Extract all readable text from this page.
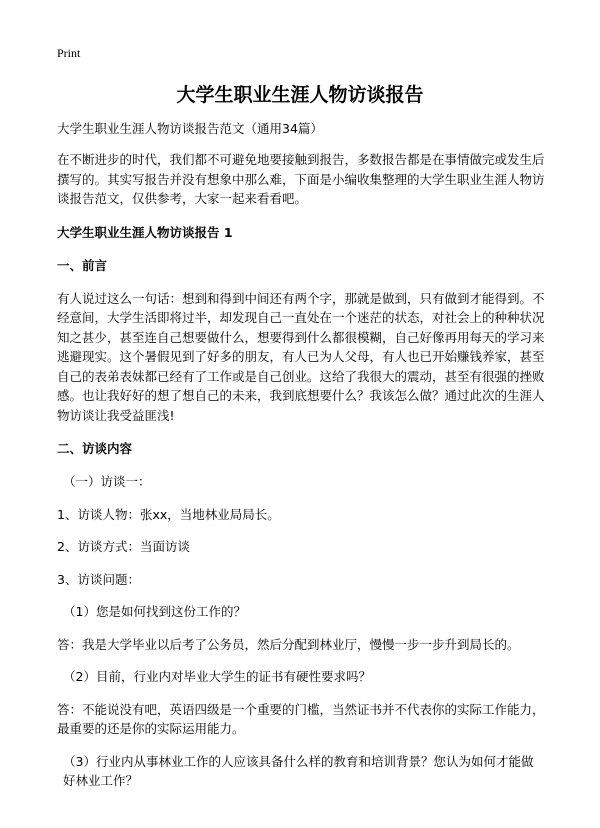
Print
大学生职业生涯人物访谈报告

大学生职业生涯人物访谈报告范文（通用34篇）

在不断进步的时代，我们都不可避免地要接触到报告，多数报告都是在事情做完或发生后撰写的。其实写报告并没有想象中那么难，下面是小编收集整理的大学生职业生涯人物访谈报告范文，仅供参考，大家一起来看看吧。

大学生职业生涯人物访谈报告 1

一、前言

有人说过这么一句话：想到和得到中间还有两个字，那就是做到，只有做到才能得到。不经意间，大学生活即将过半，却发现自己一直处在一个迷茫的状态，对社会上的种种状况知之甚少，甚至连自己想要做什么，想要得到什么都很模糊，自己好像再用每天的学习来逃避现实。这个暑假见到了好多的朋友，有人已为人父母，有人也已开始赚钱养家，甚至自己的表弟表妹都已经有了工作或是自己创业。这给了我很大的震动，甚至有很强的挫败感。也让我好好的想了想自己的未来，我到底想要什么？我该怎么做？通过此次的生涯人物访谈让我受益匪浅!

二、访谈内容

（一）访谈一：

1、访谈人物：张xx，当地林业局局长。

2、访谈方式：当面访谈

3、访谈问题：

（1）您是如何找到这份工作的？

答：我是大学毕业以后考了公务员，然后分配到林业厅，慢慢一步一步升到局长的。

（2）目前，行业内对毕业大学生的证书有硬性要求吗？

答：不能说没有吧，英语四级是一个重要的门槛，当然证书并不代表你的实际工作能力，最重要的还是你的实际运用能力。

（3）行业内从事林业工作的人应该具备什么样的教育和培训背景？您认为如何才能做好林业工作？
